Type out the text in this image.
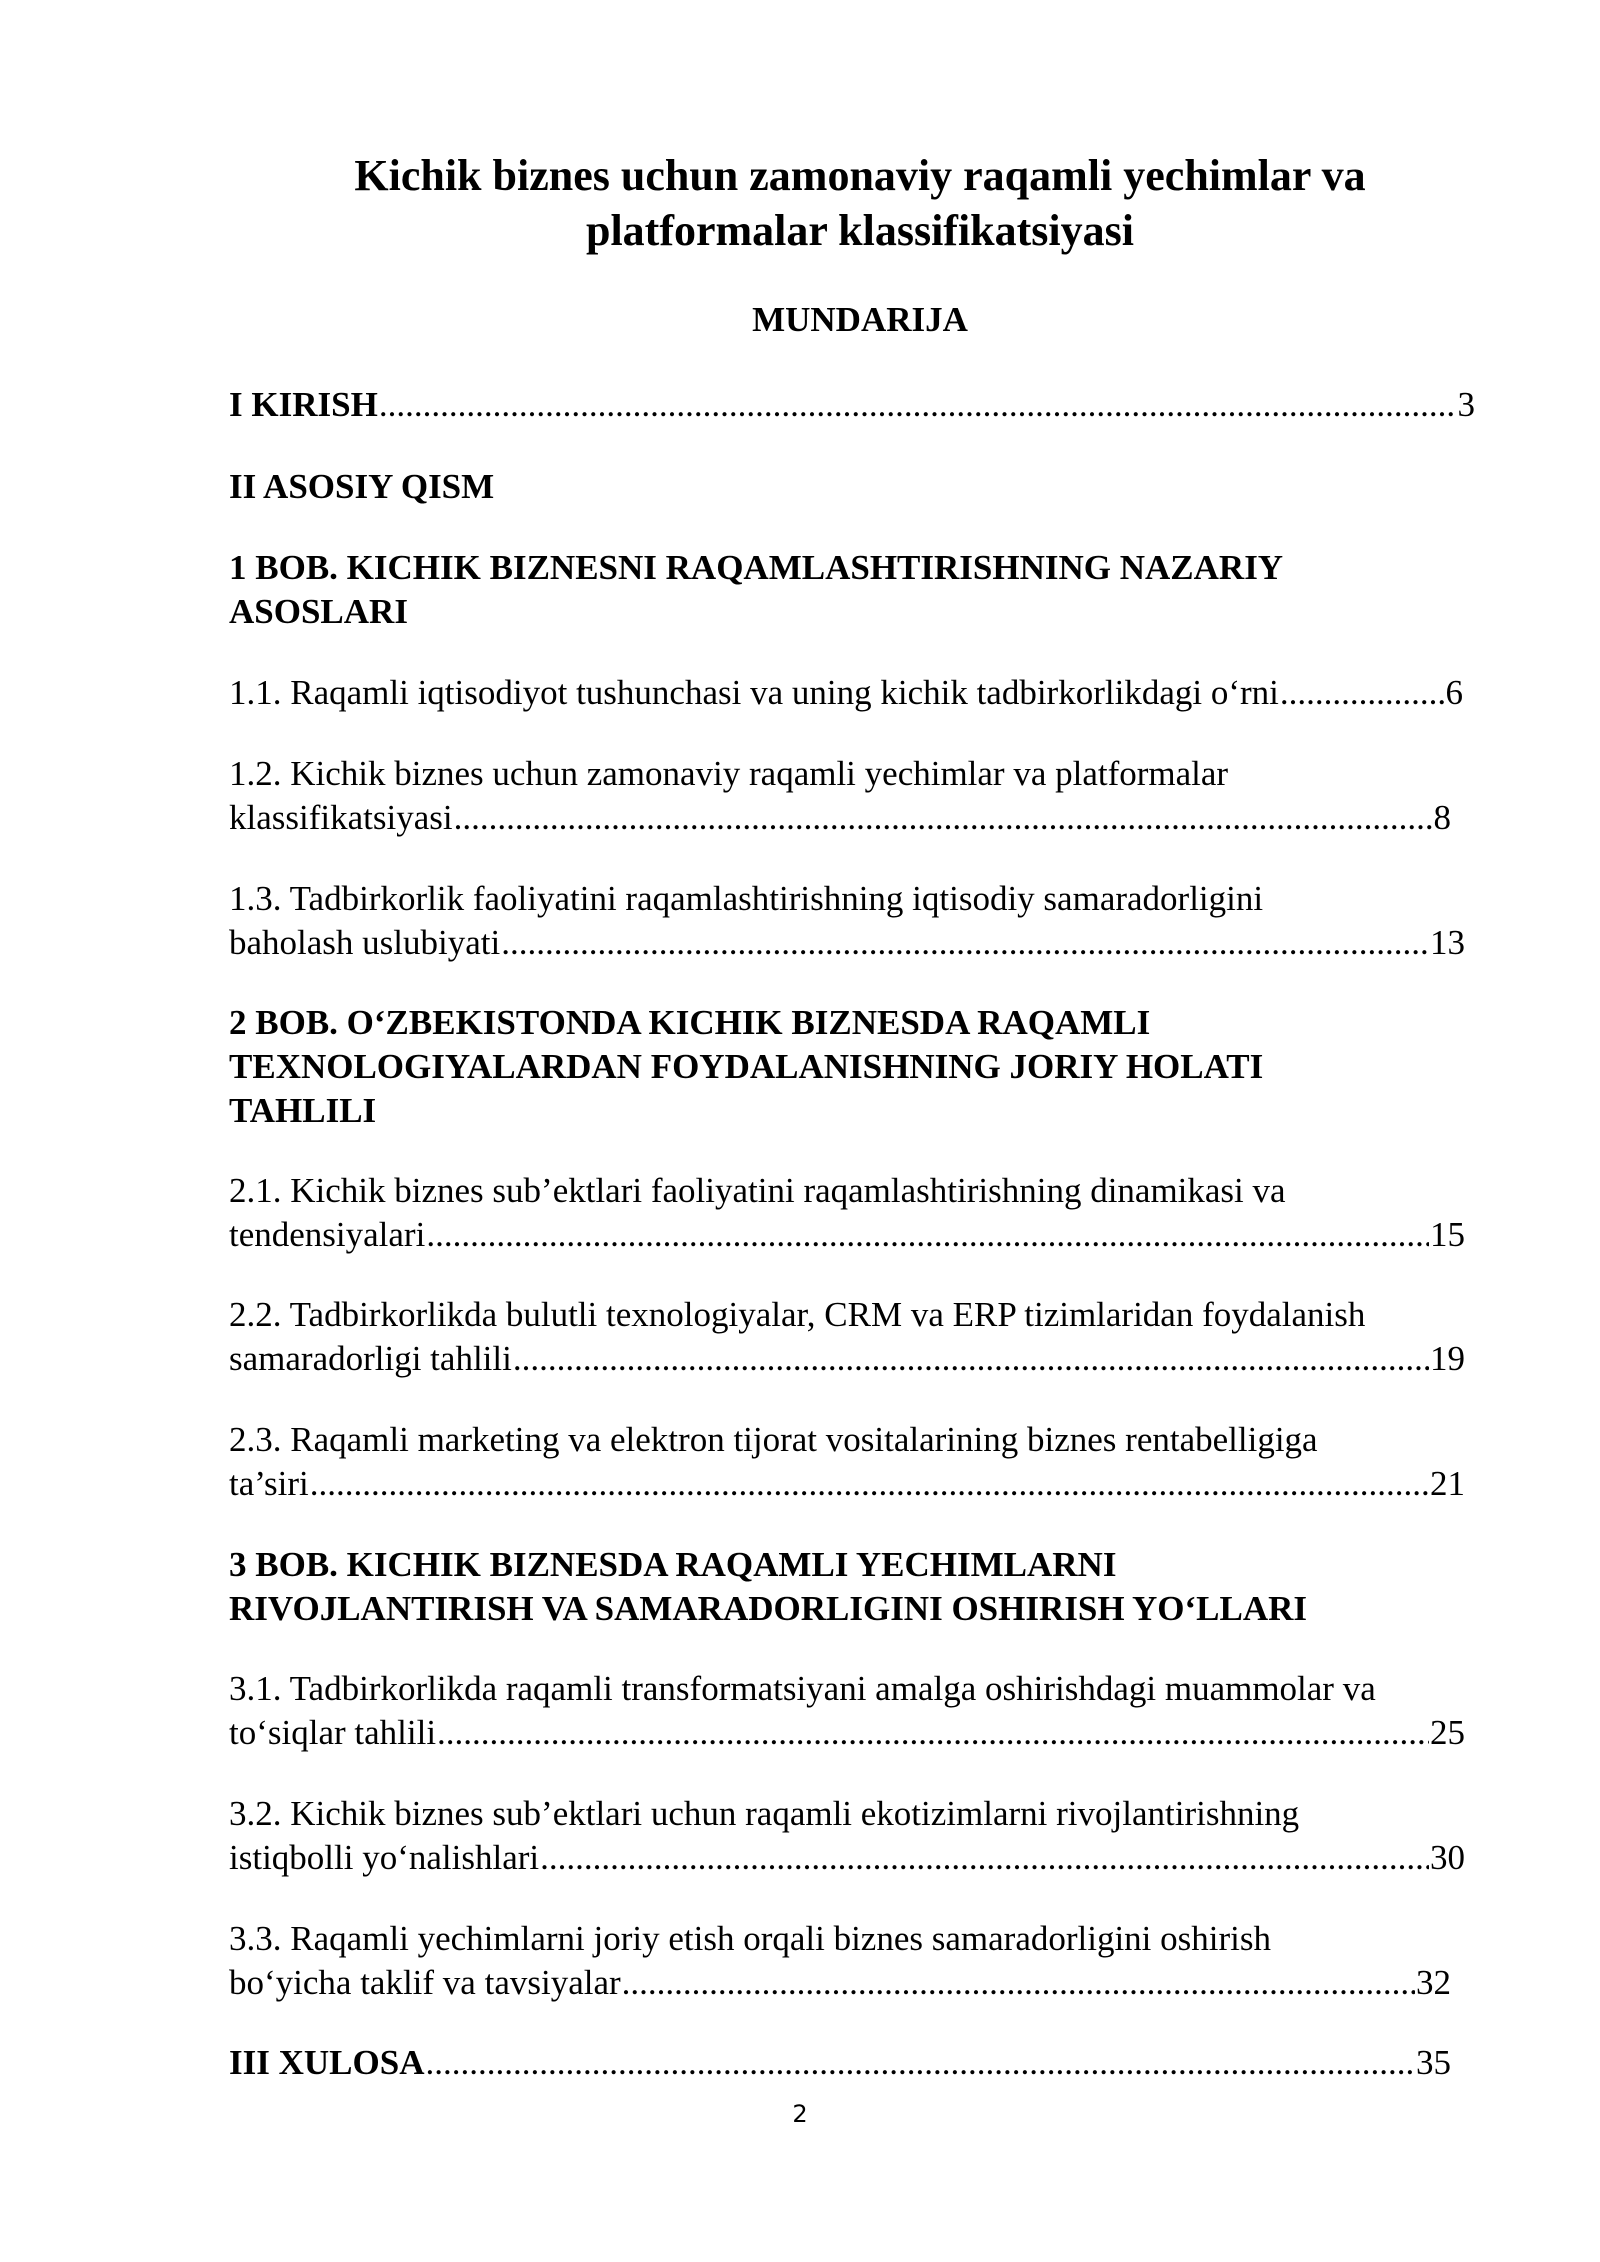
Kichik biznes uchun zamonaviy raqamli yechimlar va
platformalar klassifikatsiyasi
MUNDARIJA
I KIRISH .....	3
II ASOSIY QISM
1 BOB. KICHIK BIZNESNI RAQAMLASHTIRISHNING NAZARIY
ASOSLARI
1.1. Raqamli iqtisodiyot tushunchasi va uning kichik tadbirkorlikdagi o‘rni .....	6
1.2. Kichik biznes uchun zamonaviy raqamli yechimlar va platformalar
klassifikatsiyasi .....	8
1.3. Tadbirkorlik faoliyatini raqamlashtirishning iqtisodiy samaradorligini
baholash uslubiyati .....	13
2 BOB. O‘ZBEKISTONDA KICHIK BIZNESDA RAQAMLI
TEXNOLOGIYALARDAN FOYDALANISHNING JORIY HOLATI
TAHLILI
2.1. Kichik biznes sub’ektlari faoliyatini raqamlashtirishning dinamikasi va
tendensiyalari .....	15
2.2. Tadbirkorlikda bulutli texnologiyalar, CRM va ERP tizimlaridan foydalanish
samaradorligi tahlili .....	19
2.3. Raqamli marketing va elektron tijorat vositalarining biznes rentabelligiga
ta’siri .....	21
3 BOB. KICHIK BIZNESDA RAQAMLI YECHIMLARNI
RIVOJLANTIRISH VA SAMARADORLIGINI OSHIRISH YO‘LLARI
3.1. Tadbirkorlikda raqamli transformatsiyani amalga oshirishdagi muammolar va
to‘siqlar tahlili .....	25
3.2. Kichik biznes sub’ektlari uchun raqamli ekotizimlarni rivojlantirishning
istiqbolli yo‘nalishlari .....	30
3.3. Raqamli yechimlarni joriy etish orqali biznes samaradorligini oshirish
bo‘yicha taklif va tavsiyalar .....	32
III XULOSA .....	35
2
